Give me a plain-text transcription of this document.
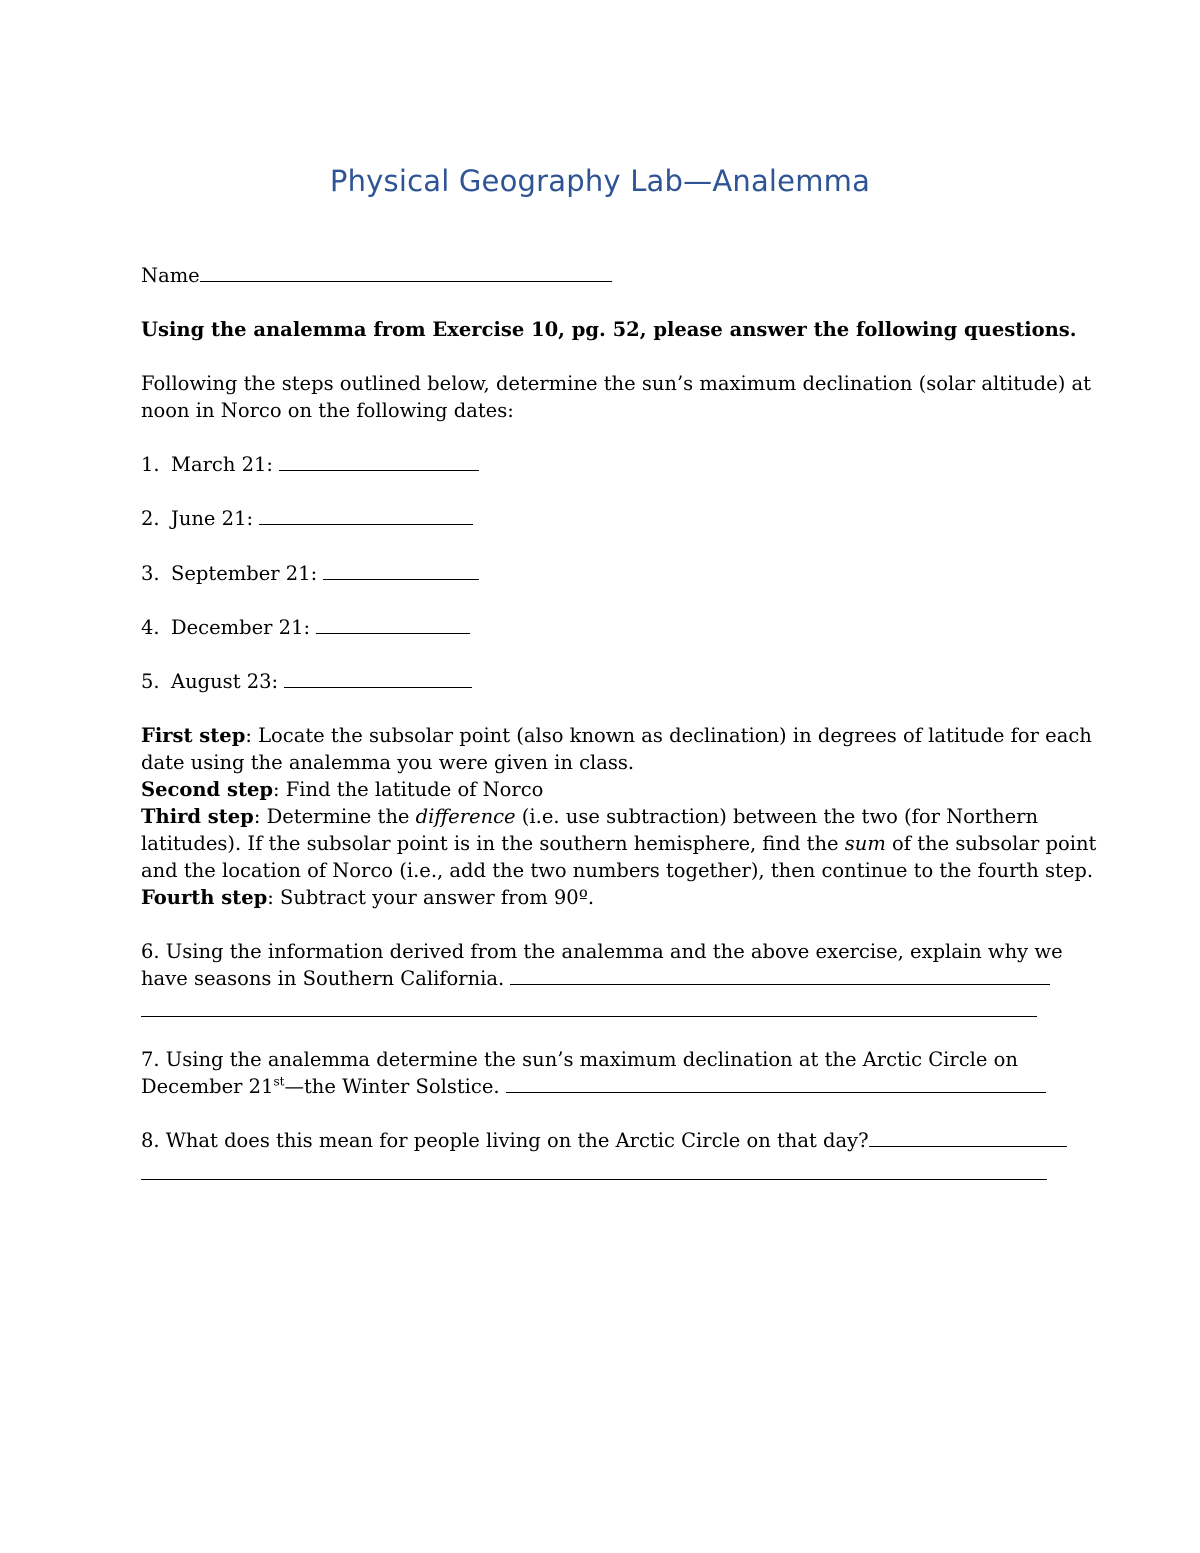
Physical Geography Lab—Analemma
Name
Using the analemma from Exercise 10, pg. 52, please answer the following questions.
Following the steps outlined below, determine the sun’s maximum declination (solar altitude) at
noon in Norco on the following dates:
1. March 21:
2. June 21:
3. September 21:
4. December 21:
5. August 23:
First step: Locate the subsolar point (also known as declination) in degrees of latitude for each
date using the analemma you were given in class.
Second step: Find the latitude of Norco
Third step: Determine the difference (i.e. use subtraction) between the two (for Northern
latitudes). If the subsolar point is in the southern hemisphere, find the sum of the subsolar point
and the location of Norco (i.e., add the two numbers together), then continue to the fourth step.
Fourth step: Subtract your answer from 90º.
6. Using the information derived from the analemma and the above exercise, explain why we
have seasons in Southern California.
7. Using the analemma determine the sun’s maximum declination at the Arctic Circle on
December 21st—the Winter Solstice.
8. What does this mean for people living on the Arctic Circle on that day?
